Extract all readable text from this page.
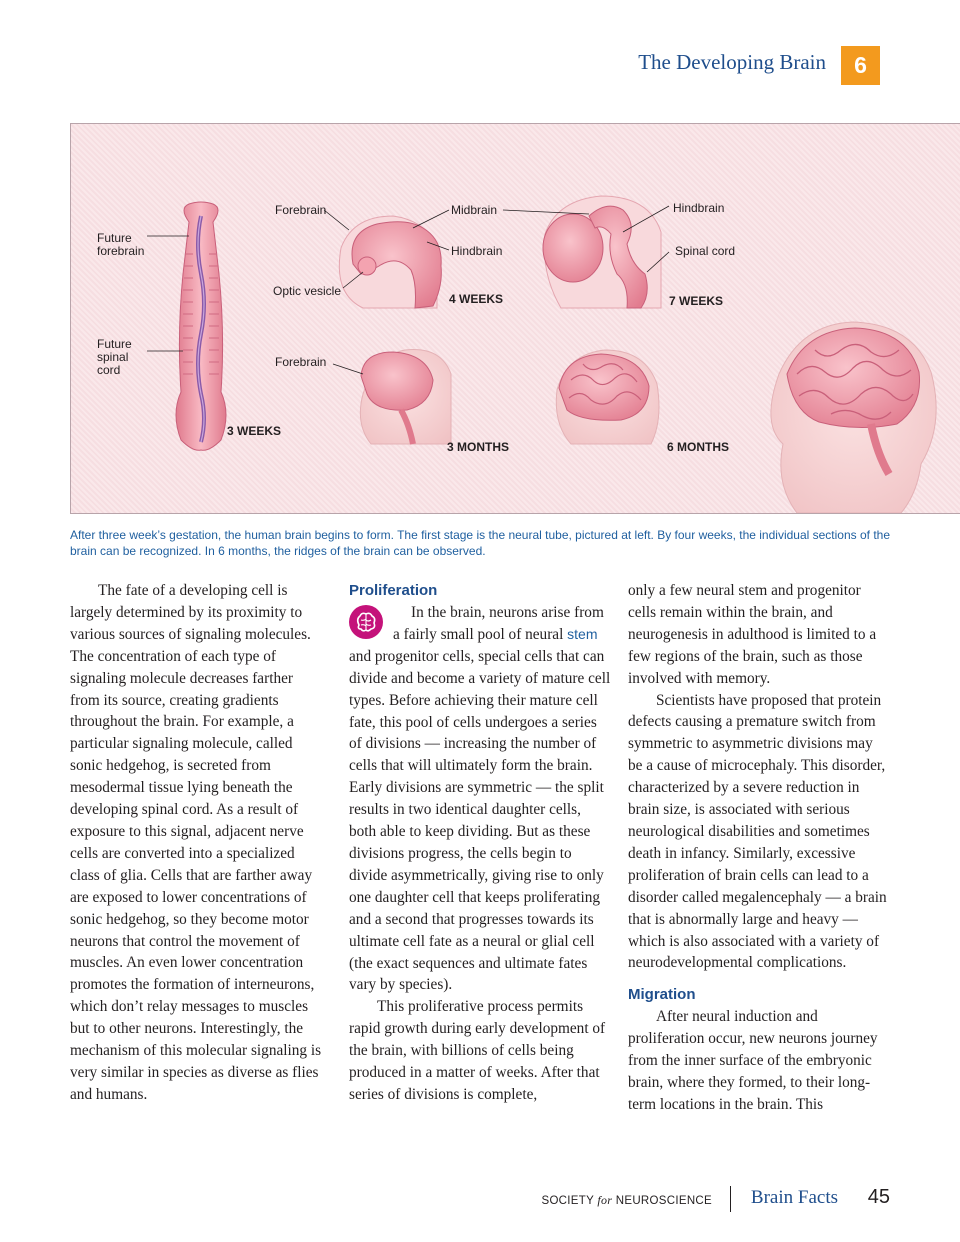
The Developing Brain	6
Future
forebrain
Future
spinal
cord
Forebrain
Optic vesicle
Midbrain
Hindbrain
Hindbrain
Spinal cord
Forebrain
3 WEEKS
4 WEEKS	7 WEEKS
3 MONTHS	6 MONTHS
After three week’s gestation, the human brain begins to form. The first stage is the neural tube, pictured at left. By four weeks, the individual sections of the brain can be recognized. In 6 months, the ridges of the brain can be observed.

The fate of a developing cell is largely determined by its proximity to various sources of signaling molecules. The concentration of each type of signaling molecule decreases farther from its source, creating gradients throughout the brain. For example, a particular signaling molecule, called sonic hedgehog, is secreted from mesodermal tissue lying beneath the developing spinal cord. As a result of exposure to this signal, adjacent nerve cells are converted into a specialized class of glia. Cells that are farther away are exposed to lower concentrations of sonic hedgehog, so they become motor neurons that control the movement of muscles. An even lower concentration promotes the formation of interneurons, which don’t relay messages to muscles but to other neurons. Interestingly, the mechanism of this molecular signaling is very similar in species as diverse as flies and humans.

Proliferation

In the brain, neurons arise from a fairly small pool of neural stem and progenitor cells, special cells that can divide and become a variety of mature cell types. Before achieving their mature cell fate, this pool of cells undergoes a series of divisions — increasing the number of cells that will ultimately form the brain. Early divisions are symmetric — the split results in two identical daughter cells, both able to keep dividing. But as these divisions progress, the cells begin to divide asymmetrically, giving rise to only one daughter cell that keeps proliferating and a second that progresses towards its ultimate cell fate as a neural or glial cell (the exact sequences and ultimate fates vary by species).

This proliferative process permits rapid growth during early development of the brain, with billions of cells being produced in a matter of weeks. After that series of divisions is complete,

only a few neural stem and progenitor cells remain within the brain, and neurogenesis in adulthood is limited to a few regions of the brain, such as those involved with memory.

Scientists have proposed that protein defects causing a premature switch from symmetric to asymmetric divisions may be a cause of microcephaly. This disorder, characterized by a severe reduction in brain size, is associated with serious neurological disabilities and sometimes death in infancy. Similarly, excessive proliferation of brain cells can lead to a disorder called megalencephaly — a brain that is abnormally large and heavy — which is also associated with a variety of neurodevelopmental complications.

Migration

After neural induction and proliferation occur, new neurons journey from the inner surface of the embryonic brain, where they formed, to their long-term locations in the brain. This

SOCIETY for NEUROSCIENCE Brain Facts 45
